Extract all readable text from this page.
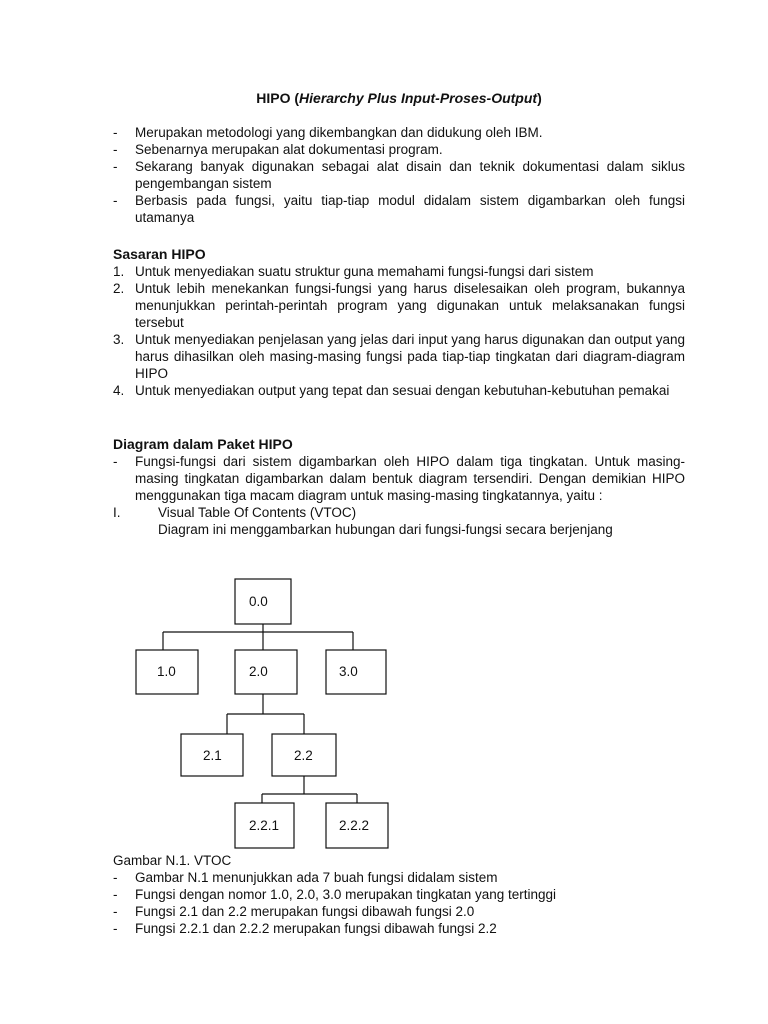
HIPO (Hierarchy Plus Input-Proses-Output)
- Merupakan metodologi yang dikembangkan dan didukung oleh IBM.
- Sebenarnya merupakan alat dokumentasi program.
- Sekarang banyak digunakan sebagai alat disain dan teknik dokumentasi dalam siklus pengembangan sistem
- Berbasis pada fungsi, yaitu tiap-tiap modul didalam sistem digambarkan oleh fungsi utamanya
Sasaran HIPO
1. Untuk menyediakan suatu struktur guna memahami fungsi-fungsi dari sistem
2. Untuk lebih menekankan fungsi-fungsi yang harus diselesaikan oleh program, bukannya menunjukkan perintah-perintah program yang digunakan untuk melaksanakan fungsi tersebut
3. Untuk menyediakan penjelasan yang jelas dari input yang harus digunakan dan output yang harus dihasilkan oleh masing-masing fungsi pada tiap-tiap tingkatan dari diagram-diagram HIPO
4. Untuk menyediakan output yang tepat dan sesuai dengan kebutuhan-kebutuhan pemakai
Diagram dalam Paket HIPO
- Fungsi-fungsi dari sistem digambarkan oleh HIPO dalam tiga tingkatan. Untuk masing-masing tingkatan digambarkan dalam bentuk diagram tersendiri. Dengan demikian HIPO menggunakan tiga macam diagram untuk masing-masing tingkatannya, yaitu :
I.	Visual Table Of Contents (VTOC)
Diagram ini menggambarkan hubungan dari fungsi-fungsi secara berjenjang
0.0
1.0	2.0	3.0
2.1	2.2
2.2.1	2.2.2
Gambar N.1. VTOC
- Gambar N.1 menunjukkan ada 7 buah fungsi didalam sistem
- Fungsi dengan nomor 1.0, 2.0, 3.0 merupakan tingkatan yang tertinggi
- Fungsi 2.1 dan 2.2 merupakan fungsi dibawah fungsi 2.0
- Fungsi 2.2.1 dan 2.2.2 merupakan fungsi dibawah fungsi 2.2
